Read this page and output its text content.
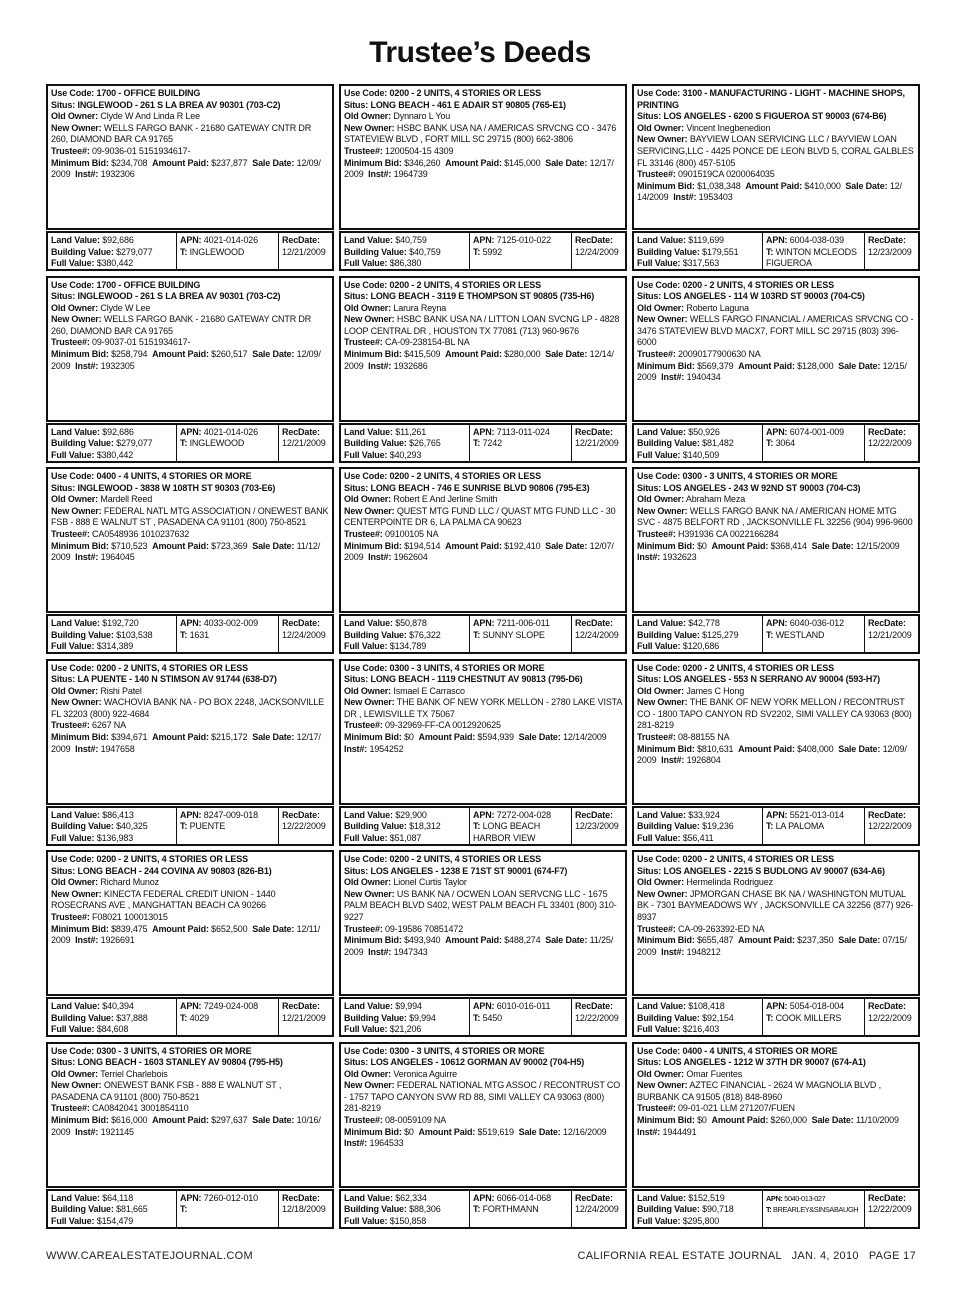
Trustee’s Deeds
Use Code: 1700 - OFFICE BUILDING
Situs: INGLEWOOD - 261 S LA BREA AV 90301 (703-C2)
Old Owner: Clyde W And Linda R Lee
New Owner: WELLS FARGO BANK - 21680 GATEWAY CNTR DR 260, DIAMOND BAR CA 91765
Trustee#: 09-9036-01 5151934617-
Minimum Bid: $234,708 Amount Paid: $237,877 Sale Date: 12/09/ 2009 Inst#: 1932306
Land Value: $92,686
Building Value: $279,077
Full Value: $380,442
APN: 4021-014-026
T: INGLEWOOD
RecDate:
12/21/2009
Use Code: 0200 - 2 UNITS, 4 STORIES OR LESS
Situs: LONG BEACH - 461 E ADAIR ST 90805 (765-E1)
Old Owner: Dynnaro L You
New Owner: HSBC BANK USA NA / AMERICAS SRVCNG CO - 3476 STATEVIEW BLVD , FORT MILL SC 29715 (800) 662-3806
Trustee#: 1200504-15 4309
Minimum Bid: $346,260 Amount Paid: $145,000 Sale Date: 12/17/ 2009 Inst#: 1964739
Land Value: $40,759
Building Value: $40,759
Full Value: $86,380
APN: 7125-010-022
T: 5992
RecDate:
12/24/2009
Use Code: 3100 - MANUFACTURING - LIGHT - MACHINE SHOPS, PRINTING
Situs: LOS ANGELES - 6200 S FIGUEROA ST 90003 (674-B6)
Old Owner: Vincent Inegbenedion
New Owner: BAYVIEW LOAN SERVICING LLC / BAYVIEW LOAN SERVICING,LLC - 4425 PONCE DE LEON BLVD 5, CORAL GALBLES FL 33146 (800) 457-5105
Trustee#: 0901519CA 0200064035
Minimum Bid: $1,038,348 Amount Paid: $410,000 Sale Date: 12/ 14/2009 Inst#: 1953403
Land Value: $119,699
Building Value: $179,551
Full Value: $317,563
APN: 6004-038-039
T: WINTON MCLEODS FIGUEROA
RecDate:
12/23/2009
Use Code: 1700 - OFFICE BUILDING
Situs: INGLEWOOD - 261 S LA BREA AV 90301 (703-C2)
Old Owner: Clyde W Lee
New Owner: WELLS FARGO BANK - 21680 GATEWAY CNTR DR 260, DIAMOND BAR CA 91765
Trustee#: 09-9037-01 5151934617-
Minimum Bid: $258,794 Amount Paid: $260,517 Sale Date: 12/09/ 2009 Inst#: 1932305
Land Value: $92,686
Building Value: $279,077
Full Value: $380,442
APN: 4021-014-026
T: INGLEWOOD
RecDate:
12/21/2009
Use Code: 0200 - 2 UNITS, 4 STORIES OR LESS
Situs: LONG BEACH - 3119 E THOMPSON ST 90805 (735-H6)
Old Owner: Larura Reyna
New Owner: HSBC BANK USA NA / LITTON LOAN SVCNG LP - 4828 LOOP CENTRAL DR , HOUSTON TX 77081 (713) 960-9676
Trustee#: CA-09-238154-BL NA
Minimum Bid: $415,509 Amount Paid: $280,000 Sale Date: 12/14/ 2009 Inst#: 1932686
Land Value: $11,261
Building Value: $26,765
Full Value: $40,293
APN: 7113-011-024
T: 7242
RecDate:
12/21/2009
Use Code: 0200 - 2 UNITS, 4 STORIES OR LESS
Situs: LOS ANGELES - 114 W 103RD ST 90003 (704-C5)
Old Owner: Roberto Laguna
New Owner: WELLS FARGO FINANCIAL / AMERICAS SRVCNG CO - 3476 STATEVIEW BLVD MACX7, FORT MILL SC 29715 (803) 396-6000
Trustee#: 20090177900630 NA
Minimum Bid: $569,379 Amount Paid: $128,000 Sale Date: 12/15/ 2009 Inst#: 1940434
Land Value: $50,926
Building Value: $81,482
Full Value: $140,509
APN: 6074-001-009
T: 3064
RecDate:
12/22/2009
Use Code: 0400 - 4 UNITS, 4 STORIES OR MORE
Situs: INGLEWOOD - 3838 W 108TH ST 90303 (703-E6)
Old Owner: Mardell Reed
New Owner: FEDERAL NATL MTG ASSOCIATION / ONEWEST BANK FSB - 888 E WALNUT ST , PASADENA CA 91101 (800) 750-8521
Trustee#: CA0548936 1010237632
Minimum Bid: $710,523 Amount Paid: $723,369 Sale Date: 11/12/ 2009 Inst#: 1964045
Land Value: $192,720
Building Value: $103,538
Full Value: $314,389
APN: 4033-002-009
T: 1631
RecDate:
12/24/2009
Use Code: 0200 - 2 UNITS, 4 STORIES OR LESS
Situs: LONG BEACH - 746 E SUNRISE BLVD 90806 (795-E3)
Old Owner: Robert E And Jerline Smith
New Owner: QUEST MTG FUND LLC / QUAST MTG FUND LLC - 30 CENTERPOINTE DR 6, LA PALMA CA 90623
Trustee#: 09100105 NA
Minimum Bid: $194,514 Amount Paid: $192,410 Sale Date: 12/07/ 2009 Inst#: 1962604
Land Value: $50,878
Building Value: $76,322
Full Value: $134,789
APN: 7211-006-011
T: SUNNY SLOPE
RecDate:
12/24/2009
Use Code: 0300 - 3 UNITS, 4 STORIES OR MORE
Situs: LOS ANGELES - 243 W 92ND ST 90003 (704-C3)
Old Owner: Abraham Meza
New Owner: WELLS FARGO BANK NA / AMERICAN HOME MTG SVC - 4875 BELFORT RD , JACKSONVILLE FL 32256 (904) 996-9600
Trustee#: H391936 CA 0022166284
Minimum Bid: $0 Amount Paid: $368,414 Sale Date: 12/15/2009  Inst#: 1932623
Land Value: $42,778
Building Value: $125,279
Full Value: $120,686
APN: 6040-036-012
T: WESTLAND
RecDate:
12/21/2009
Use Code: 0200 - 2 UNITS, 4 STORIES OR LESS
Situs: LA PUENTE - 140 N STIMSON AV 91744 (638-D7)
Old Owner: Rishi Patel
New Owner: WACHOVIA BANK NA - PO BOX 2248, JACKSONVILLE FL 32203 (800) 922-4684
Trustee#: 6267 NA
Minimum Bid: $394,671 Amount Paid: $215,172 Sale Date: 12/17/ 2009 Inst#: 1947658
Land Value: $86,413
Building Value: $40,325
Full Value: $136,983
APN: 8247-009-018
T: PUENTE
RecDate:
12/22/2009
Use Code: 0300 - 3 UNITS, 4 STORIES OR MORE
Situs: LONG BEACH - 1119 CHESTNUT AV 90813 (795-D6)
Old Owner: Ismael E Carrasco
New Owner: THE BANK OF NEW YORK MELLON - 2780 LAKE VISTA DR , LEWISVILLE TX 75067
Trustee#: 09-32969-FF-CA 0012920625
Minimum Bid: $0 Amount Paid: $594,939 Sale Date: 12/14/2009  Inst#: 1954252
Land Value: $29,900
Building Value: $18,312
Full Value: $51,087
APN: 7272-004-028
T: LONG BEACH HARBOR VIEW
RecDate:
12/23/2009
Use Code: 0200 - 2 UNITS, 4 STORIES OR LESS
Situs: LOS ANGELES - 553 N SERRANO AV 90004 (593-H7)
Old Owner: James C Hong
New Owner: THE BANK OF NEW YORK MELLON / RECONTRUST CO - 1800 TAPO CANYON RD SV2202, SIMI VALLEY CA 93063 (800) 281-8219
Trustee#: 08-88155 NA
Minimum Bid: $810,631 Amount Paid: $408,000 Sale Date: 12/09/ 2009 Inst#: 1926804
Land Value: $33,924
Building Value: $19,236
Full Value: $56,411
APN: 5521-013-014
T: LA PALOMA
RecDate:
12/22/2009
Use Code: 0200 - 2 UNITS, 4 STORIES OR LESS
Situs: LONG BEACH - 244 COVINA AV 90803 (826-B1)
Old Owner: Richard Munoz
New Owner: KINECTA FEDERAL CREDIT UNION - 1440 ROSECRANS AVE , MANGHATTAN BEACH CA 90266
Trustee#: F08021 100013015
Minimum Bid: $839,475 Amount Paid: $652,500 Sale Date: 12/11/ 2009 Inst#: 1926691
Land Value: $40,394
Building Value: $37,888
Full Value: $84,608
APN: 7249-024-008
T: 4029
RecDate:
12/21/2009
Use Code: 0200 - 2 UNITS, 4 STORIES OR LESS
Situs: LOS ANGELES - 1238 E 71ST ST 90001 (674-F7)
Old Owner: Lionel Curtis Taylor
New Owner: US BANK NA / OCWEN LOAN SERVCNG LLC - 1675 PALM BEACH BLVD S402, WEST PALM BEACH FL 33401 (800) 310-9227
Trustee#: 09-19586 70851472
Minimum Bid: $493,940 Amount Paid: $488,274 Sale Date: 11/25/ 2009 Inst#: 1947343
Land Value: $9,994
Building Value: $9,994
Full Value: $21,206
APN: 6010-016-011
T: 5450
RecDate:
12/22/2009
Use Code: 0200 - 2 UNITS, 4 STORIES OR LESS
Situs: LOS ANGELES - 2215 S BUDLONG AV 90007 (634-A6)
Old Owner: Hermelinda Rodriguez
New Owner: JPMORGAN CHASE BK NA / WASHINGTON MUTUAL BK - 7301 BAYMEADOWS WY , JACKSONVILLE CA 32256 (877) 926-8937
Trustee#: CA-09-263392-ED NA
Minimum Bid: $655,487 Amount Paid: $237,350 Sale Date: 07/15/ 2009 Inst#: 1948212
Land Value: $108,418
Building Value: $92,154
Full Value: $216,403
APN: 5054-018-004
T: COOK MILLERS
RecDate:
12/22/2009
Use Code: 0300 - 3 UNITS, 4 STORIES OR MORE
Situs: LONG BEACH - 1603 STANLEY AV 90804 (795-H5)
Old Owner: Terriel Charlebois
New Owner: ONEWEST BANK FSB - 888 E WALNUT ST , PASADENA CA 91101 (800) 750-8521
Trustee#: CA0842041 3001854110
Minimum Bid: $616,000 Amount Paid: $297,637 Sale Date: 10/16/ 2009 Inst#: 1921145
Land Value: $64,118
Building Value: $81,665
Full Value: $154,479
APN: 7260-012-010
T:
RecDate:
12/18/2009
Use Code: 0300 - 3 UNITS, 4 STORIES OR MORE
Situs: LOS ANGELES - 10612 GORMAN AV 90002 (704-H5)
Old Owner: Veronica Aguirre
New Owner: FEDERAL NATIONAL MTG ASSOC / RECONTRUST CO - 1757 TAPO CANYON SVW RD 88, SIMI VALLEY CA 93063 (800) 281-8219
Trustee#: 08-0059109 NA
Minimum Bid: $0 Amount Paid: $519,619 Sale Date: 12/16/2009  Inst#: 1964533
Land Value: $62,334
Building Value: $88,306
Full Value: $150,858
APN: 6066-014-068
T: FORTHMANN
RecDate:
12/24/2009
Use Code: 0400 - 4 UNITS, 4 STORIES OR MORE
Situs: LOS ANGELES - 1212 W 37TH DR 90007 (674-A1)
Old Owner: Omar Fuentes
New Owner: AZTEC FINANCIAL - 2624 W MAGNOLIA BLVD , BURBANK CA 91505 (818) 848-8960
Trustee#: 09-01-021 LLM 271207/FUEN
Minimum Bid: $0 Amount Paid: $260,000 Sale Date: 11/10/2009  Inst#: 1944491
Land Value: $152,519
Building Value: $90,718
Full Value: $295,800
APN: 5040-013-027
T: BREARLEY&SINSABAUGH
RecDate:
12/22/2009
WWW.CAREALESTATEJOURNAL.COM	CALIFORNIA REAL ESTATE JOURNAL   JAN. 4, 2010   PAGE 17
